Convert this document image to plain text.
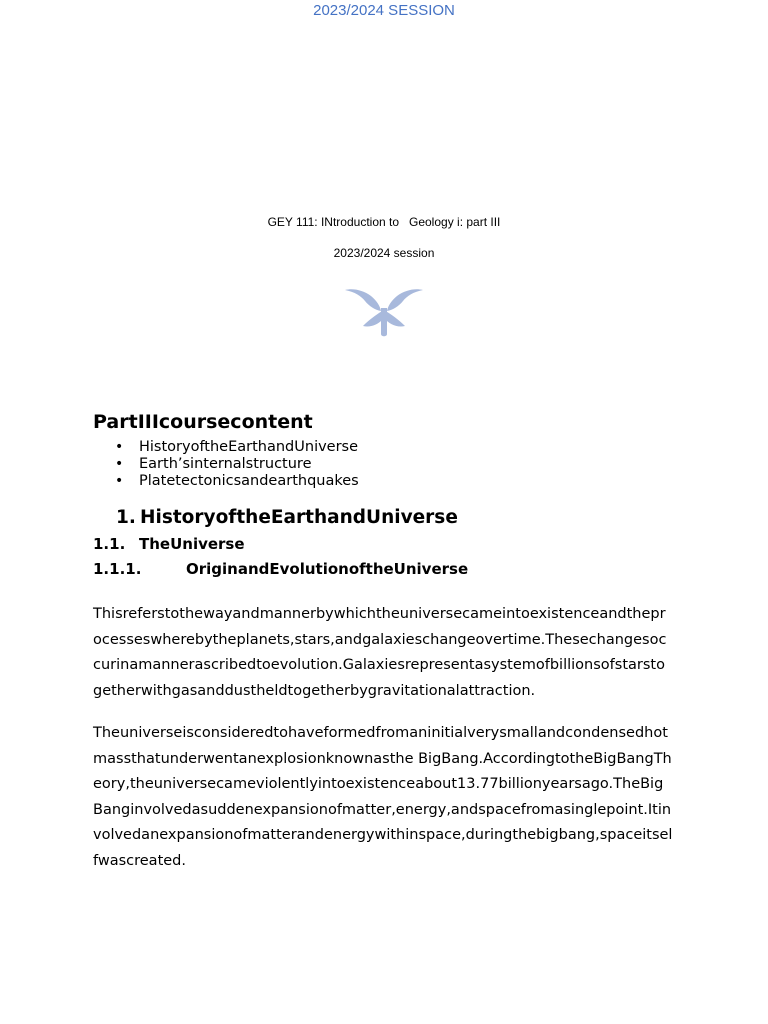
2023/2024 SESSION
GEY 111: INtroduction to   Geology i: part III
2023/2024 session
PartIIIcoursecontent
• HistoryoftheEarthandUniverse
• Earth’sinternalstructure
• Platetectonicsandearthquakes
1. HistoryoftheEarthandUniverse
1.1. TheUniverse
1.1.1.	OriginandEvolutionoftheUniverse

Thisreferstothewayandmannerbywhichtheuniversecameintoexistenceandtheprocesseswherebytheplanets,stars,andgalaxieschangeovertime.Thesechangesoccurinamannerascribedtoevolution.Galaxiesrepresentasystemofbillionsofstarstogetherwithgasanddustheldtogetherbygravitationalattraction.

Theuniverseisconsideredtohaveformedfromaninitialverysmallandcondensedhotmassthatunderwentanexplosionknownasthe BigBang.AccordingtotheBigBangTheory,theuniversecameviolentlyintoexistenceabout13.77billionyearsago.TheBigBanginvolvedasuddenexpansionofmatter,energy,andspacefromasinglepoint.Itinvolvedanexpansionofmatterandenergywithinspace,duringthebigbang,spaceitselfwascreated.
